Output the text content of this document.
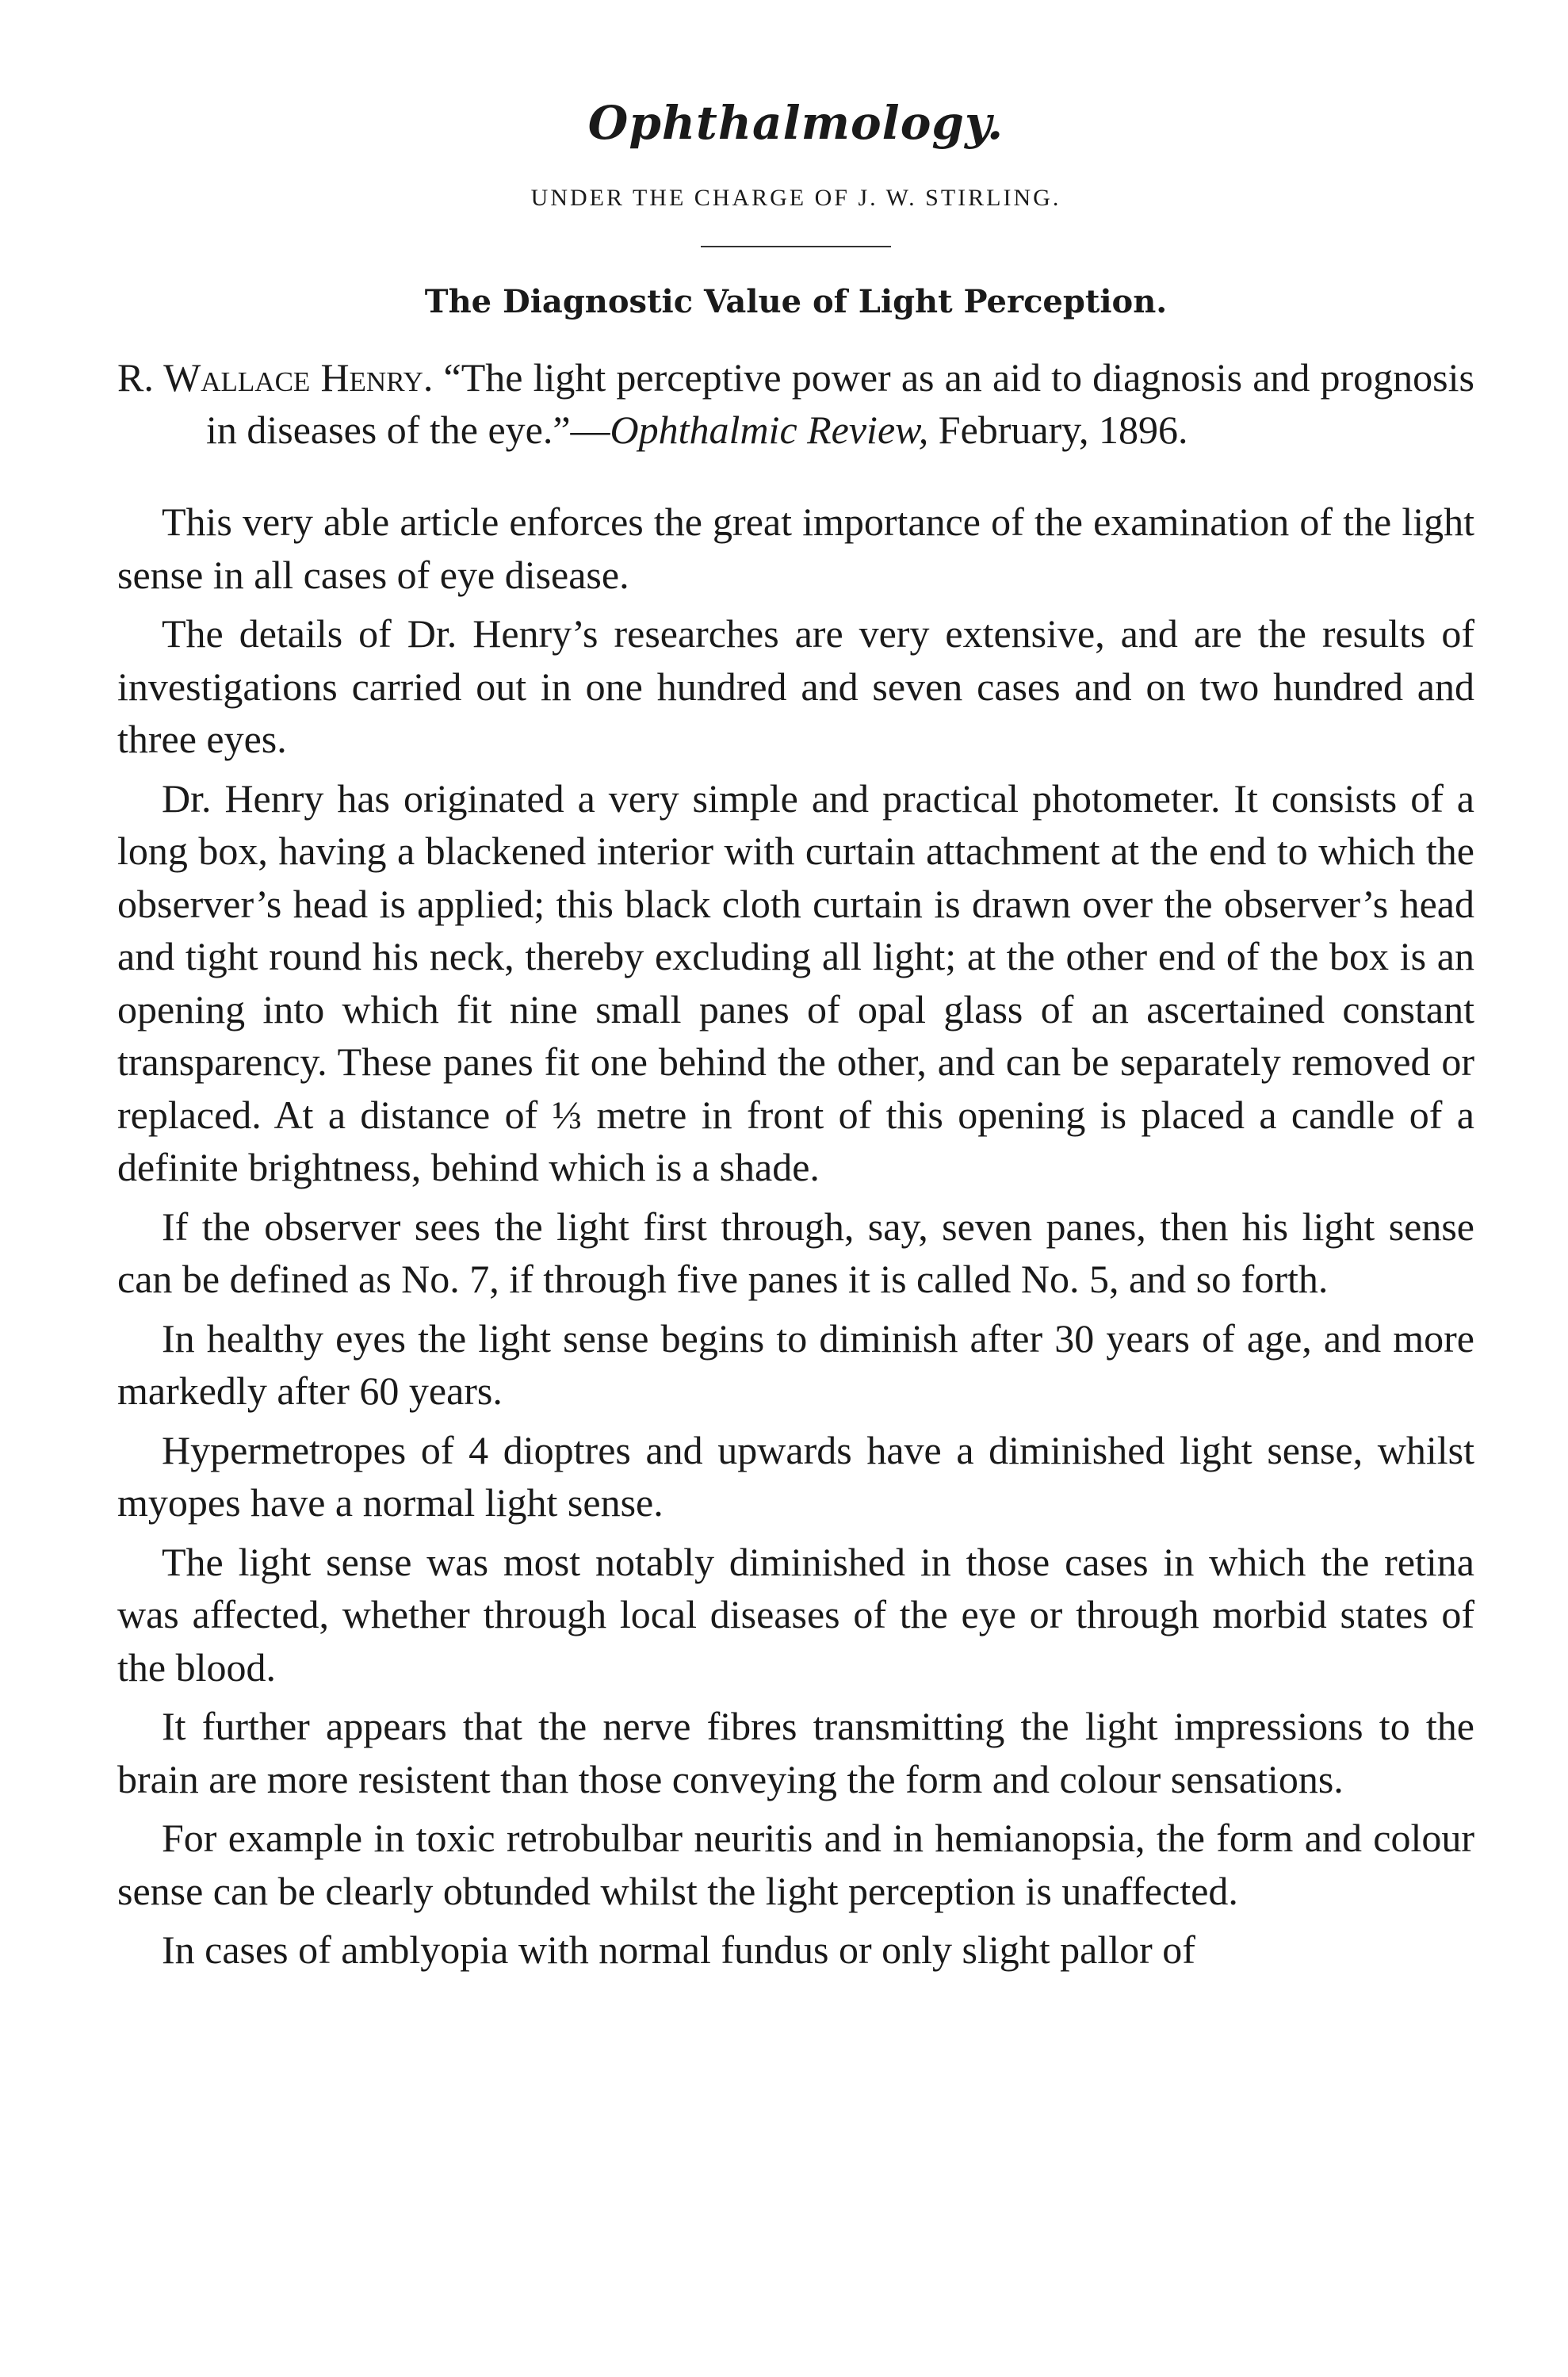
Ophthalmology.
UNDER THE CHARGE OF J. W. STIRLING.
The Diagnostic Value of Light Perception.

R. Wallace Henry. “The light perceptive power as an aid to diagnosis and prognosis in diseases of the eye.”—Ophthalmic Review, February, 1896.

This very able article enforces the great importance of the examination of the light sense in all cases of eye disease.

The details of Dr. Henry’s researches are very extensive, and are the results of investigations carried out in one hundred and seven cases and on two hundred and three eyes.

Dr. Henry has originated a very simple and practical photometer. It consists of a long box, having a blackened interior with curtain attachment at the end to which the observer’s head is applied; this black cloth curtain is drawn over the observer’s head and tight round his neck, thereby excluding all light; at the other end of the box is an opening into which fit nine small panes of opal glass of an ascertained constant transparency. These panes fit one behind the other, and can be separately removed or replaced. At a distance of ⅓ metre in front of this opening is placed a candle of a definite brightness, behind which is a shade.

If the observer sees the light first through, say, seven panes, then his light sense can be defined as No. 7, if through five panes it is called No. 5, and so forth.

In healthy eyes the light sense begins to diminish after 30 years of age, and more markedly after 60 years.

Hypermetropes of 4 dioptres and upwards have a diminished light sense, whilst myopes have a normal light sense.

The light sense was most notably diminished in those cases in which the retina was affected, whether through local diseases of the eye or through morbid states of the blood.

It further appears that the nerve fibres transmitting the light impressions to the brain are more resistent than those conveying the form and colour sensations.

For example in toxic retrobulbar neuritis and in hemianopsia, the form and colour sense can be clearly obtunded whilst the light perception is unaffected.

In cases of amblyopia with normal fundus or only slight pallor of
